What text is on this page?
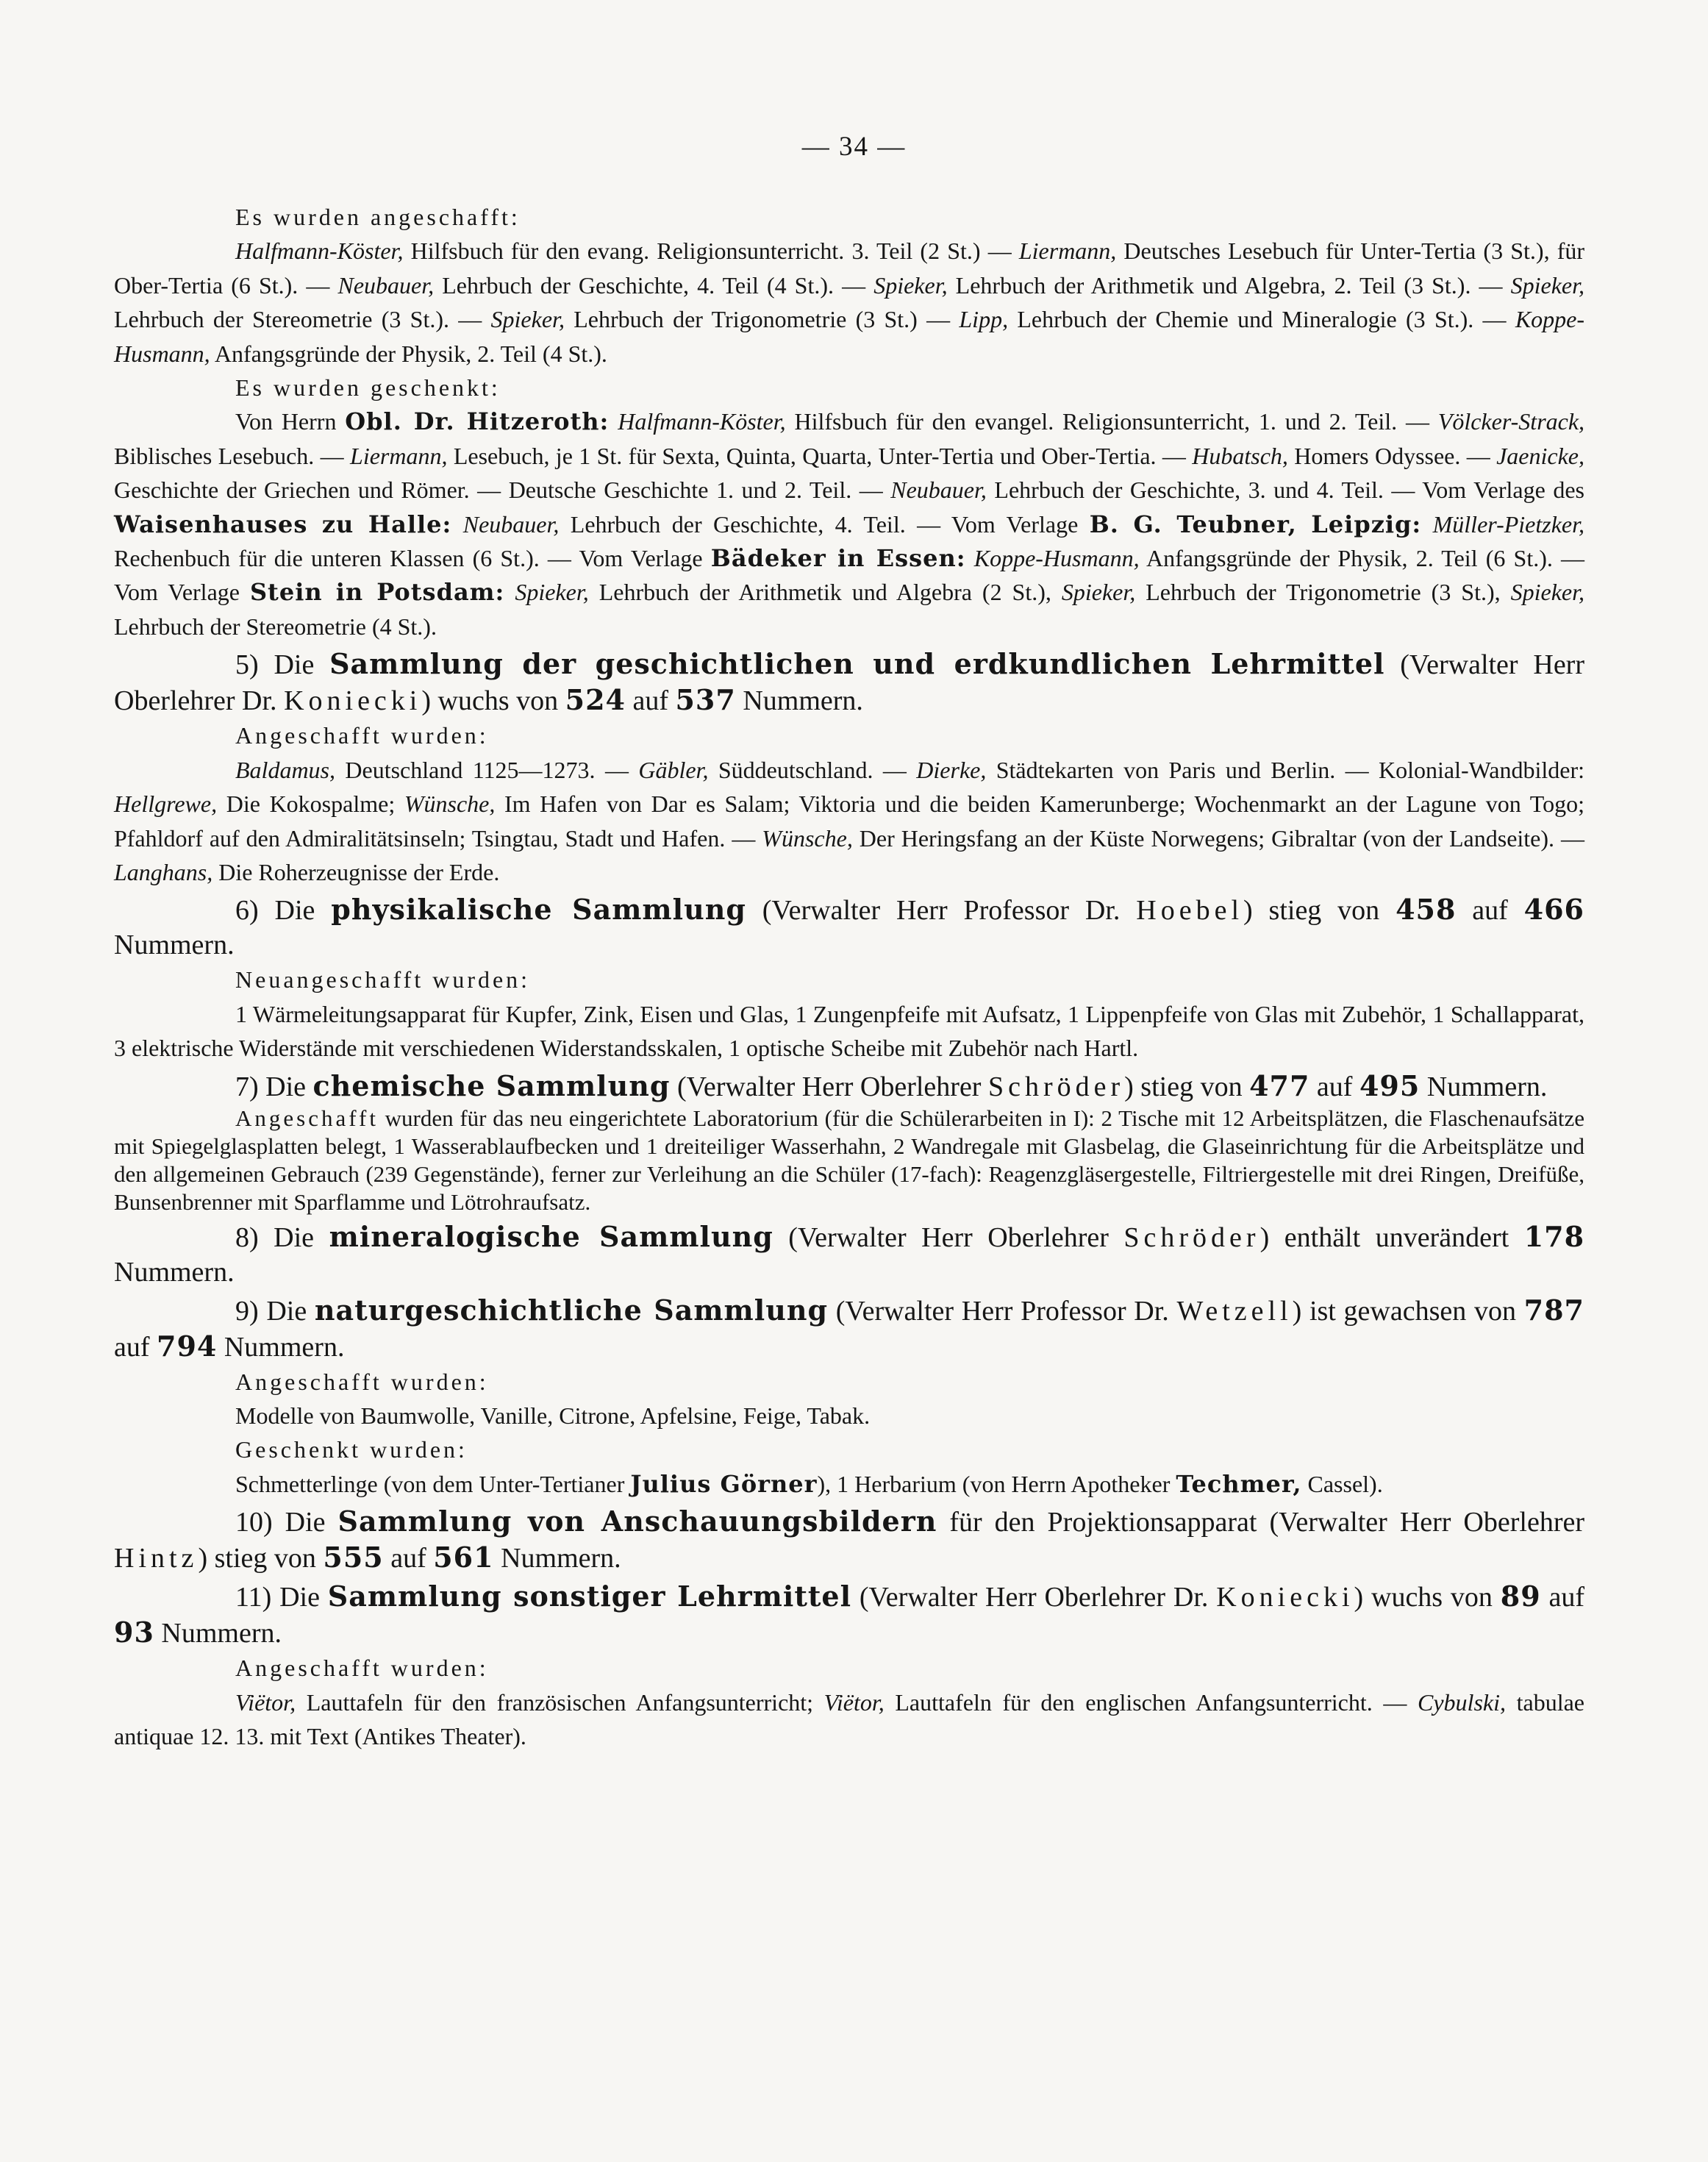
— 34 —

Es wurden angeschafft:

Halfmann-Köster, Hilfsbuch für den evang. Religionsunterricht. 3. Teil (2 St.) — Liermann, Deutsches Lesebuch für Unter-Tertia (3 St.), für Ober-Tertia (6 St.). — Neubauer, Lehrbuch der Geschichte, 4. Teil (4 St.). — Spieker, Lehrbuch der Arithmetik und Algebra, 2. Teil (3 St.). — Spieker, Lehrbuch der Stereometrie (3 St.). — Spieker, Lehrbuch der Trigonometrie (3 St.) — Lipp, Lehrbuch der Chemie und Mineralogie (3 St.). — Koppe-Husmann, Anfangsgründe der Physik, 2. Teil (4 St.).

Es wurden geschenkt:

Von Herrn Obl. Dr. Hitzeroth: Halfmann-Köster, Hilfsbuch für den evangel. Religionsunterricht, 1. und 2. Teil. — Völcker-Strack, Biblisches Lesebuch. — Liermann, Lesebuch, je 1 St. für Sexta, Quinta, Quarta, Unter-Tertia und Ober-Tertia. — Hubatsch, Homers Odyssee. — Jaenicke, Geschichte der Griechen und Römer. — Deutsche Geschichte 1. und 2. Teil. — Neubauer, Lehrbuch der Geschichte, 3. und 4. Teil. — Vom Verlage des Waisenhauses zu Halle: Neubauer, Lehrbuch der Geschichte, 4. Teil. — Vom Verlage B. G. Teubner, Leipzig: Müller-Pietzker, Rechenbuch für die unteren Klassen (6 St.). — Vom Verlage Bädeker in Essen: Koppe-Husmann, Anfangsgründe der Physik, 2. Teil (6 St.). — Vom Verlage Stein in Potsdam: Spieker, Lehrbuch der Arithmetik und Algebra (2 St.), Spieker, Lehrbuch der Trigonometrie (3 St.), Spieker, Lehrbuch der Stereometrie (4 St.).

5) Die Sammlung der geschichtlichen und erdkundlichen Lehrmittel (Verwalter Herr Oberlehrer Dr. Koniecki) wuchs von 524 auf 537 Nummern.

Angeschafft wurden:

Baldamus, Deutschland 1125—1273. — Gäbler, Süddeutschland. — Dierke, Städtekarten von Paris und Berlin. — Kolonial-Wandbilder: Hellgrewe, Die Kokospalme; Wünsche, Im Hafen von Dar es Salam; Viktoria und die beiden Kamerunberge; Wochenmarkt an der Lagune von Togo; Pfahldorf auf den Admiralitätsinseln; Tsingtau, Stadt und Hafen. — Wünsche, Der Heringsfang an der Küste Norwegens; Gibraltar (von der Landseite). — Langhans, Die Roherzeugnisse der Erde.

6) Die physikalische Sammlung (Verwalter Herr Professor Dr. Hoebel) stieg von 458 auf 466 Nummern.

Neuangeschafft wurden:

1 Wärmeleitungsapparat für Kupfer, Zink, Eisen und Glas, 1 Zungenpfeife mit Aufsatz, 1 Lippenpfeife von Glas mit Zubehör, 1 Schallapparat, 3 elektrische Widerstände mit verschiedenen Widerstandsskalen, 1 optische Scheibe mit Zubehör nach Hartl.

7) Die chemische Sammlung (Verwalter Herr Oberlehrer Schröder) stieg von 477 auf 495 Nummern.

Angeschafft wurden für das neu eingerichtete Laboratorium (für die Schülerarbeiten in I): 2 Tische mit 12 Arbeitsplätzen, die Flaschenaufsätze mit Spiegelglasplatten belegt, 1 Wasserablaufbecken und 1 dreiteiliger Wasserhahn, 2 Wandregale mit Glasbelag, die Glaseinrichtung für die Arbeitsplätze und den allgemeinen Gebrauch (239 Gegenstände), ferner zur Verleihung an die Schüler (17-fach): Reagenzgläsergestelle, Filtriergestelle mit drei Ringen, Dreifüße, Bunsenbrenner mit Sparflamme und Lötrohraufsatz.

8) Die mineralogische Sammlung (Verwalter Herr Oberlehrer Schröder) enthält unverändert 178 Nummern.

9) Die naturgeschichtliche Sammlung (Verwalter Herr Professor Dr. Wetzell) ist gewachsen von 787 auf 794 Nummern.

Angeschafft wurden:

Modelle von Baumwolle, Vanille, Citrone, Apfelsine, Feige, Tabak.

Geschenkt wurden:

Schmetterlinge (von dem Unter-Tertianer Julius Görner), 1 Herbarium (von Herrn Apotheker Techmer, Cassel).

10) Die Sammlung von Anschauungsbildern für den Projektionsapparat (Verwalter Herr Oberlehrer Hintz) stieg von 555 auf 561 Nummern.

11) Die Sammlung sonstiger Lehrmittel (Verwalter Herr Oberlehrer Dr. Koniecki) wuchs von 89 auf 93 Nummern.

Angeschafft wurden:

Viëtor, Lauttafeln für den französischen Anfangsunterricht; Viëtor, Lauttafeln für den englischen Anfangsunterricht. — Cybulski, tabulae antiquae 12. 13. mit Text (Antikes Theater).
